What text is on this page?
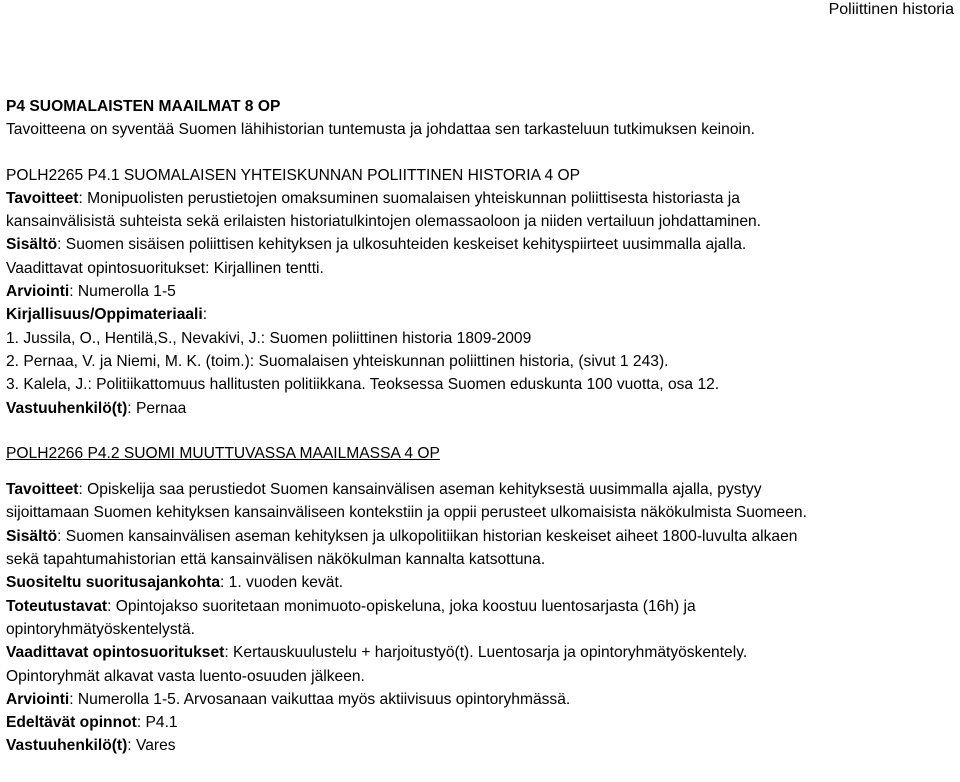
Poliittinen historia

P4 SUOMALAISTEN MAAILMAT 8 OP

Tavoitteena on syventää Suomen lähihistorian tuntemusta ja johdattaa sen tarkasteluun tutkimuksen keinoin.

POLH2265 P4.1 SUOMALAISEN YHTEISKUNNAN POLIITTINEN HISTORIA 4 OP

Tavoitteet: Monipuolisten perustietojen omaksuminen suomalaisen yhteiskunnan poliittisesta historiasta ja

kansainvälisistä suhteista sekä erilaisten historiatulkintojen olemassaoloon ja niiden vertailuun johdattaminen.

Sisältö: Suomen sisäisen poliittisen kehityksen ja ulkosuhteiden keskeiset kehityspiirteet uusimmalla ajalla.

Vaadittavat opintosuoritukset: Kirjallinen tentti.

Arviointi: Numerolla 1-5

Kirjallisuus/Oppimateriaali:

1. Jussila, O., Hentilä,S., Nevakivi, J.: Suomen poliittinen historia 1809-2009

2. Pernaa, V. ja Niemi, M. K. (toim.): Suomalaisen yhteiskunnan poliittinen historia, (sivut 1 243).

3. Kalela, J.: Politiikattomuus hallitusten politiikkana. Teoksessa Suomen eduskunta 100 vuotta, osa 12.

Vastuuhenkilö(t): Pernaa

POLH2266 P4.2 SUOMI MUUTTUVASSA MAAILMASSA 4 OP

Tavoitteet: Opiskelija saa perustiedot Suomen kansainvälisen aseman kehityksestä uusimmalla ajalla, pystyy

sijoittamaan Suomen kehityksen kansainväliseen kontekstiin ja oppii perusteet ulkomaisista näkökulmista Suomeen.

Sisältö: Suomen kansainvälisen aseman kehityksen ja ulkopolitiikan historian keskeiset aiheet 1800-luvulta alkaen

sekä tapahtumahistorian että kansainvälisen näkökulman kannalta katsottuna.

Suositeltu suoritusajankohta: 1. vuoden kevät.

Toteutustavat: Opintojakso suoritetaan monimuoto-opiskeluna, joka koostuu luentosarjasta (16h) ja

opintoryhmätyöskentelystä.

Vaadittavat opintosuoritukset: Kertauskuulustelu + harjoitustyö(t). Luentosarja ja opintoryhmätyöskentely.

Opintoryhmät alkavat vasta luento-osuuden jälkeen.

Arviointi: Numerolla 1-5. Arvosanaan vaikuttaa myös aktiivisuus opintoryhmässä.

Edeltävät opinnot: P4.1

Vastuuhenkilö(t): Vares
